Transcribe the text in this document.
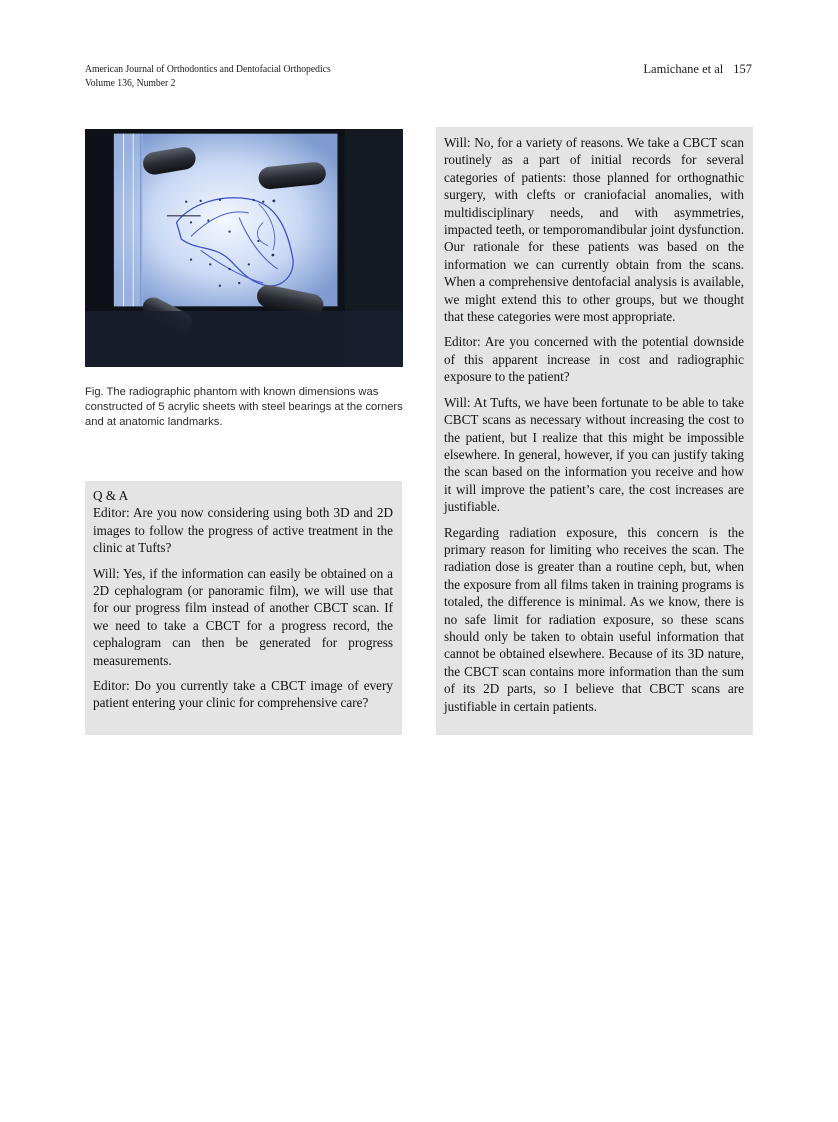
American Journal of Orthodontics and Dentofacial Orthopedics
Volume 136, Number 2
Lamichane et al 157
Fig. The radiographic phantom with known dimensions was constructed of 5 acrylic sheets with steel bearings at the corners and at anatomic landmarks.

Q & A
Editor: Are you now considering using both 3D and 2D images to follow the progress of active treatment in the clinic at Tufts?

Will: Yes, if the information can easily be obtained on a 2D cephalogram (or panoramic film), we will use that for our progress film instead of another CBCT scan. If we need to take a CBCT for a progress record, the cephalogram can then be generated for progress measurements.

Editor: Do you currently take a CBCT image of every patient entering your clinic for comprehensive care?

Will: No, for a variety of reasons. We take a CBCT scan routinely as a part of initial records for several categories of patients: those planned for orthognathic surgery, with clefts or craniofacial anomalies, with multidisciplinary needs, and with asymmetries, impacted teeth, or temporomandibular joint dysfunction. Our rationale for these patients was based on the information we can currently obtain from the scans. When a comprehensive dentofacial analysis is available, we might extend this to other groups, but we thought that these categories were most appropriate.

Editor: Are you concerned with the potential downside of this apparent increase in cost and radiographic exposure to the patient?

Will: At Tufts, we have been fortunate to be able to take CBCT scans as necessary without increasing the cost to the patient, but I realize that this might be impossible elsewhere. In general, however, if you can justify taking the scan based on the information you receive and how it will improve the patient’s care, the cost increases are justifiable.

Regarding radiation exposure, this concern is the primary reason for limiting who receives the scan. The radiation dose is greater than a routine ceph, but, when the exposure from all films taken in training programs is totaled, the difference is minimal. As we know, there is no safe limit for radiation exposure, so these scans should only be taken to obtain useful information that cannot be obtained elsewhere. Because of its 3D nature, the CBCT scan contains more information than the sum of its 2D parts, so I believe that CBCT scans are justifiable in certain patients.
